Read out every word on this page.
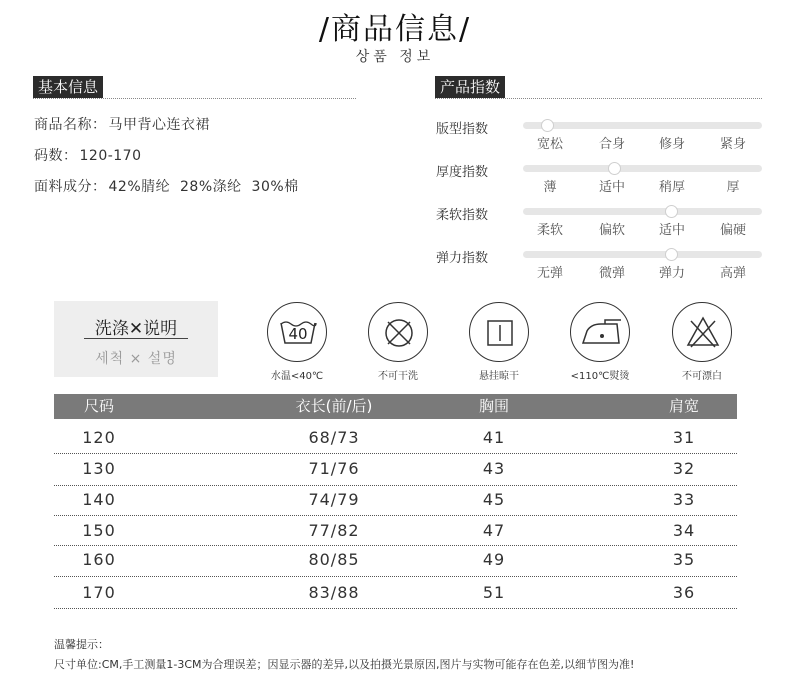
/商品信息/
상품 정보
基本信息
商品名称： 马甲背心连衣裙
码数： 120-170
面料成分： 42%腈纶  28%涤纶  30%棉
产品指数
版型指数
宽松	合身	修身	紧身
厚度指数
薄	适中	稍厚	厚
柔软指数
柔软	偏软	适中	偏硬
弹力指数
无弹	微弹	弹力	高弹
洗涤✕说明
세척 × 설명
40
水温<40℃	不可干洗	悬挂晾干	<110℃熨烫	不可漂白
尺码	衣长(前/后)	胸围	肩宽
120	68/73	41	31
130	71/76	43	32
140	74/79	45	33
150	77/82	47	34
160	80/85	49	35
170	83/88	51	36
温馨提示：
尺寸单位:CM,手工测量1-3CM为合理误差；因显示器的差异,以及拍摄光景原因,图片与实物可能存在色差,以细节图为准!
